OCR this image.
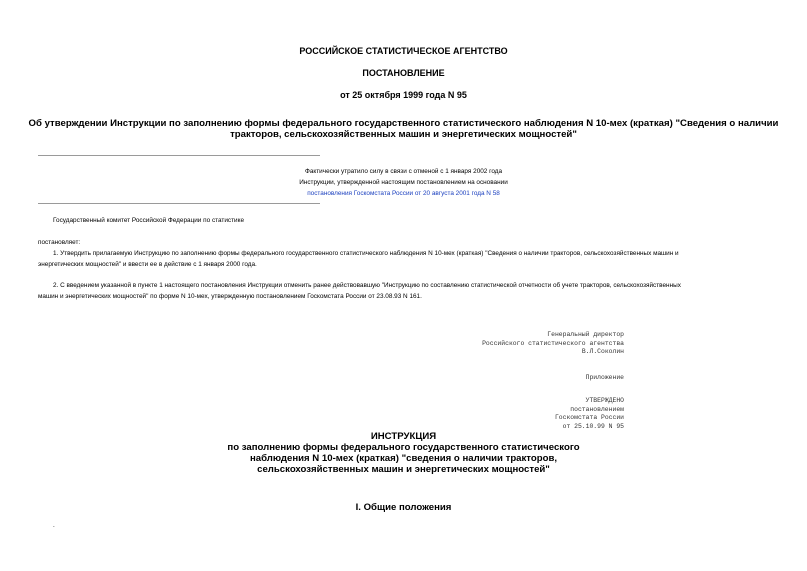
РОССИЙСКОЕ СТАТИСТИЧЕСКОЕ АГЕНТСТВО
ПОСТАНОВЛЕНИЕ
от 25 октября 1999 года N 95
Об утверждении Инструкции по заполнению формы федерального государственного статистического наблюдения N 10-мех (краткая) "Сведения о наличии
тракторов, сельскохозяйственных машин и энергетических мощностей"
Фактически утратило силу в связи с отменой с 1 января 2002 года
Инструкции, утвержденной настоящим постановлением на основании
постановления Госкомстата России от 20 августа 2001 года N 58
Государственный комитет Российской Федерации по статистике
постановляет:
1. Утвердить прилагаемую Инструкцию по заполнению формы федерального государственного статистического наблюдения N 10-мех (краткая) "Сведения о наличии тракторов, сельскохозяйственных машин и
энергетических мощностей" и ввести ее в действие с 1 января 2000 года.
2. С введением указанной в пункте 1 настоящего постановления Инструкции отменить ранее действовавшую "Инструкцию по составлению статистической отчетности об учете тракторов, сельскохозяйственных
машин и энергетических мощностей" по форме N 10-мех, утвержденную постановлением Госкомстата России от 23.08.93 N 161.
Генеральный директор
Российского статистического агентства
В.Л.Соколин
Приложение
УТВЕРЖДЕНО
постановлением
Госкомстата России
от 25.10.99 N 95
ИНСТРУКЦИЯ
по заполнению формы федерального государственного статистического
наблюдения N 10-мех (краткая) "сведения о наличии тракторов,
сельскохозяйственных машин и энергетических мощностей"
I. Общие положения
.
